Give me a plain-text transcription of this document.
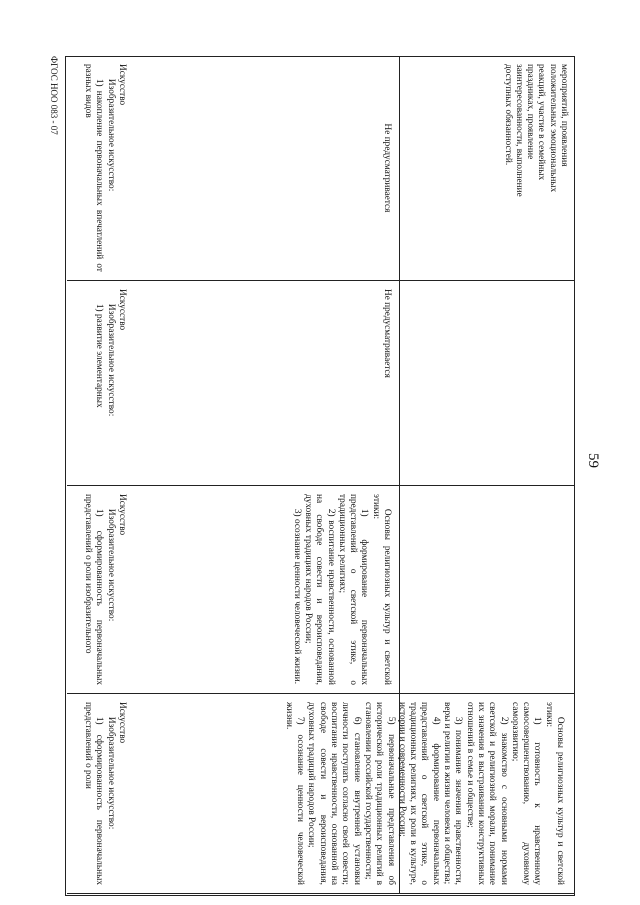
59

мероприятий, проявления

положительных эмоциональных

реакций, участие в семейных

праздниках, проявление

заинтересованности, выполнение

доступных обязанностей.

Не предусматривается

Искусство

Изобразительное искусство:

1) накопление первоначальных впечатлений от разных видов

Не предусматривается

Искусство

Изобразительное искусство:

1) развитие элементарных

Основы религиозных культур и светской этики:

1) формирование первоначальных представлений о светской этике, о традиционных религиях;

2) воспитание нравственности, основанной на свободе совести и вероисповедания, духовных традициях народов России;

3) осознание ценности человеческой жизни.

Искусство

Изобразительное искусство:

1) сформированность первоначальных представлений о роли изобразительного

Основы религиозных культур и светской этики:

1) готовность к нравственному самосовершенствованию, духовному саморазвитию;

2) знакомство с основными нормами светской и религиозной морали, понимание их значения в выстраивании конструктивных отношений в семье и обществе;

3) понимание значения нравственности, веры и религии в жизни человека и общества;

4) формирование первоначальных представлений о светской этике, о традиционных религиях, их роли в культуре, истории и современности России;

5) первоначальные представления об исторической роли традиционных религий в становлении российской государственности;

6) становление внутренней установки личности поступать согласно своей совести; воспитание нравственности, основанной на свободе совести и вероисповедания, духовных традиций народов России;

7) осознание ценности человеческой жизни.

Искусство

Изобразительное искусство:

1) сформированность первоначальных представлений о роли

ФГОС НОО 083 - 07
